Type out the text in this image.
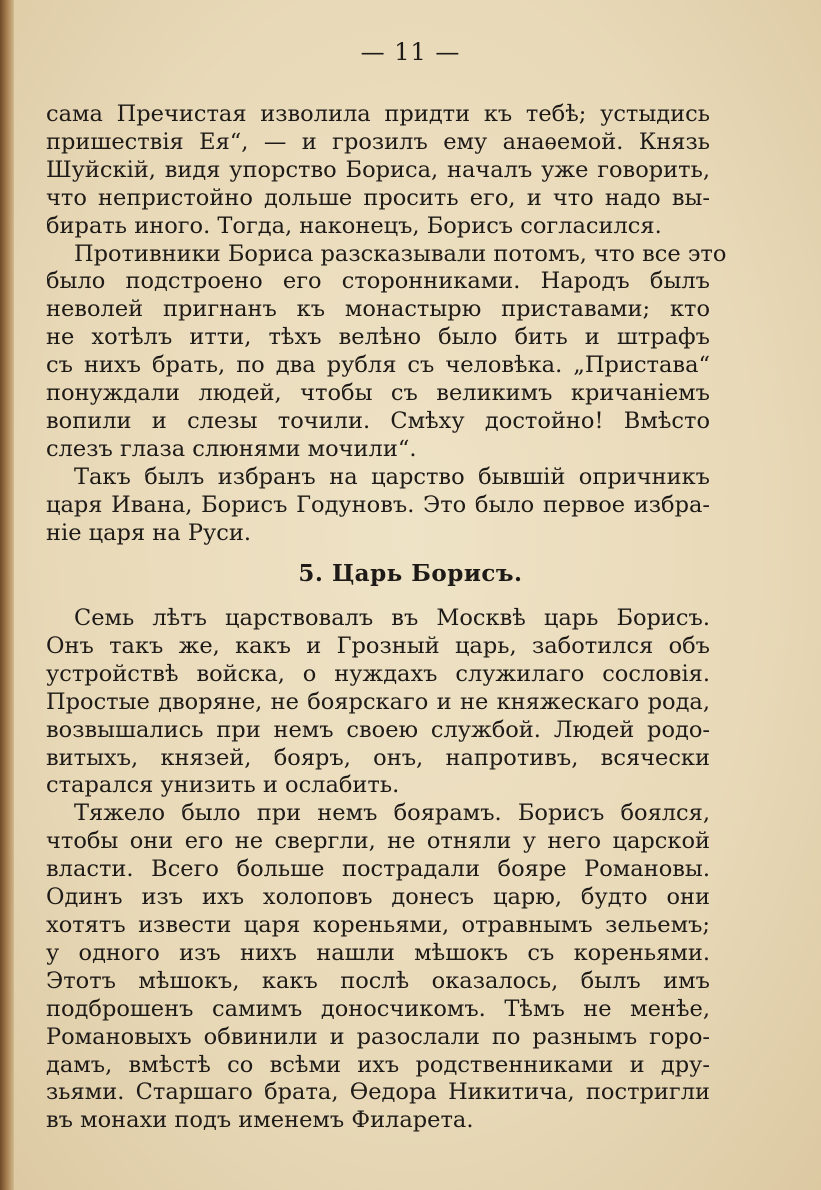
— 11 —
сама Пречистая изволила придти къ тебѣ; устыдись
пришествія Ея“, — и грозилъ ему анаѳемой. Князь
Шуйскій, видя упорство Бориса, началъ уже говорить,
что непристойно дольше просить его, и что надо вы-
бирать иного. Тогда, наконецъ, Борисъ согласился.
Противники Бориса разсказывали потомъ, что все это
было подстроено его сторонниками. Народъ былъ
неволей пригнанъ къ монастырю приставами; кто
не хотѣлъ итти, тѣхъ велѣно было бить и штрафъ
съ нихъ брать, по два рубля съ человѣка. „Пристава“
понуждали людей, чтобы съ великимъ кричаніемъ
вопили и слезы точили. Смѣху достойно! Вмѣсто
слезъ глаза слюнями мочили“.
Такъ былъ избранъ на царство бывшій опричникъ
царя Ивана, Борисъ Годуновъ. Это было первое избра-
ніе царя на Руси.
5. Царь Борисъ.
Семь лѣтъ царствовалъ въ Москвѣ царь Борисъ.
Онъ такъ же, какъ и Грозный царь, заботился объ
устройствѣ войска, о нуждахъ служилаго сословія.
Простые дворяне, не боярскаго и не княжескаго рода,
возвышались при немъ своею службой. Людей родо-
витыхъ, князей, бояръ, онъ, напротивъ, всячески
старался унизить и ослабить.
Тяжело было при немъ боярамъ. Борисъ боялся,
чтобы они его не свергли, не отняли у него царской
власти. Всего больше пострадали бояре Романовы.
Одинъ изъ ихъ холоповъ донесъ царю, будто они
хотятъ извести царя кореньями, отравнымъ зельемъ;
у одного изъ нихъ нашли мѣшокъ съ кореньями.
Этотъ мѣшокъ, какъ послѣ оказалось, былъ имъ
подброшенъ самимъ доносчикомъ. Тѣмъ не менѣе,
Романовыхъ обвинили и разослали по разнымъ горо-
дамъ, вмѣстѣ со всѣми ихъ родственниками и дру-
зьями. Старшаго брата, Ѳедора Никитича, постригли
въ монахи подъ именемъ Филарета.
